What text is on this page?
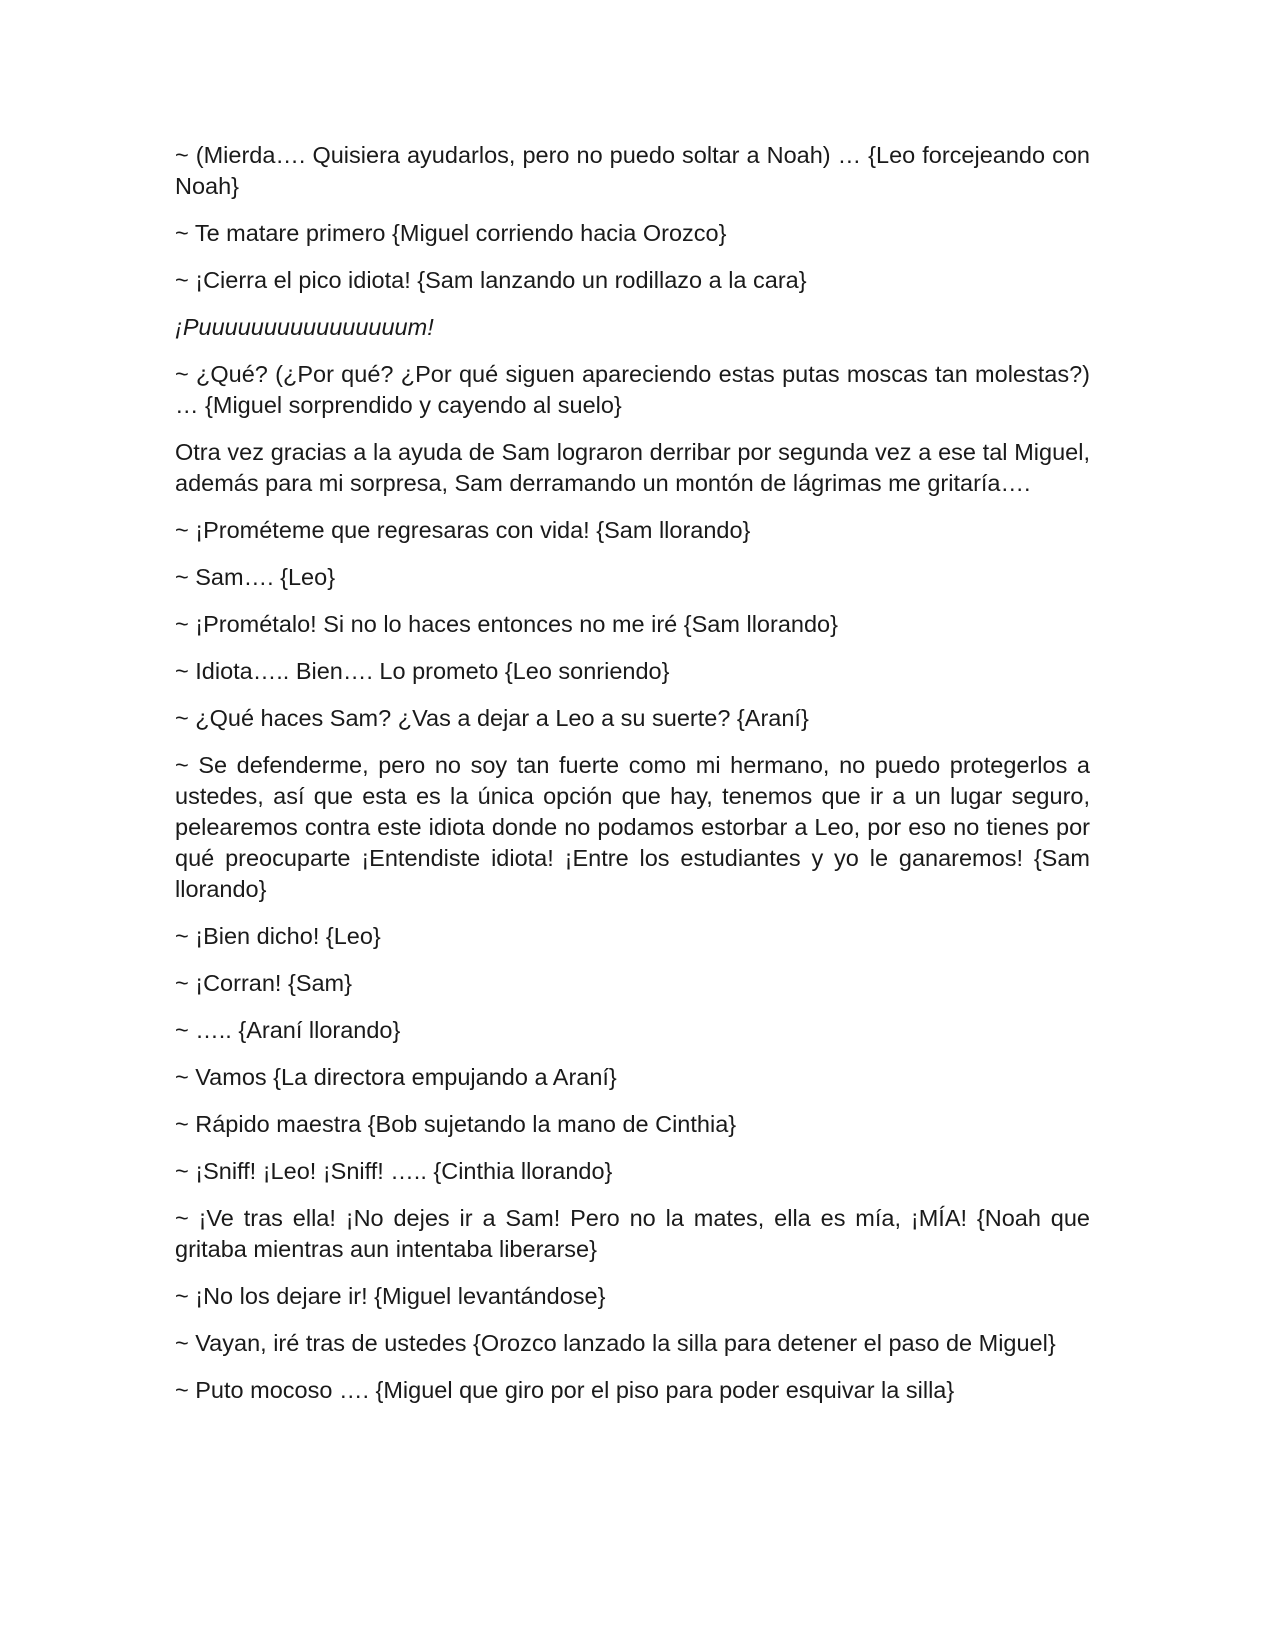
~ (Mierda…. Quisiera ayudarlos, pero no puedo soltar a Noah) … {Leo forcejeando con Noah}

~ Te matare primero {Miguel corriendo hacia Orozco}

~ ¡Cierra el pico idiota! {Sam lanzando un rodillazo a la cara}

¡Puuuuuuuuuuuuuuuum!

~ ¿Qué? (¿Por qué? ¿Por qué siguen apareciendo estas putas moscas tan molestas?) … {Miguel sorprendido y cayendo al suelo}

Otra vez gracias a la ayuda de Sam lograron derribar por segunda vez a ese tal Miguel, además para mi sorpresa, Sam derramando un montón de lágrimas me gritaría….

~ ¡Prométeme que regresaras con vida! {Sam llorando}

~ Sam…. {Leo}

~ ¡Prométalo! Si no lo haces entonces no me iré {Sam llorando}

~ Idiota….. Bien…. Lo prometo {Leo sonriendo}

~ ¿Qué haces Sam? ¿Vas a dejar a Leo a su suerte? {Araní}

~ Se defenderme, pero no soy tan fuerte como mi hermano, no puedo protegerlos a ustedes, así que esta es la única opción que hay, tenemos que ir a un lugar seguro, pelearemos contra este idiota donde no podamos estorbar a Leo, por eso no tienes por qué preocuparte ¡Entendiste idiota! ¡Entre los estudiantes y yo le ganaremos! {Sam llorando}

~ ¡Bien dicho! {Leo}

~ ¡Corran! {Sam}

~ ….. {Araní llorando}

~ Vamos {La directora empujando a Araní}

~ Rápido maestra {Bob sujetando la mano de Cinthia}

~ ¡Sniff! ¡Leo! ¡Sniff! ….. {Cinthia llorando}

~ ¡Ve tras ella! ¡No dejes ir a Sam! Pero no la mates, ella es mía, ¡MÍA! {Noah que gritaba mientras aun intentaba liberarse}

~ ¡No los dejare ir! {Miguel levantándose}

~ Vayan, iré tras de ustedes {Orozco lanzado la silla para detener el paso de Miguel}

~ Puto mocoso …. {Miguel que giro por el piso para poder esquivar la silla}
